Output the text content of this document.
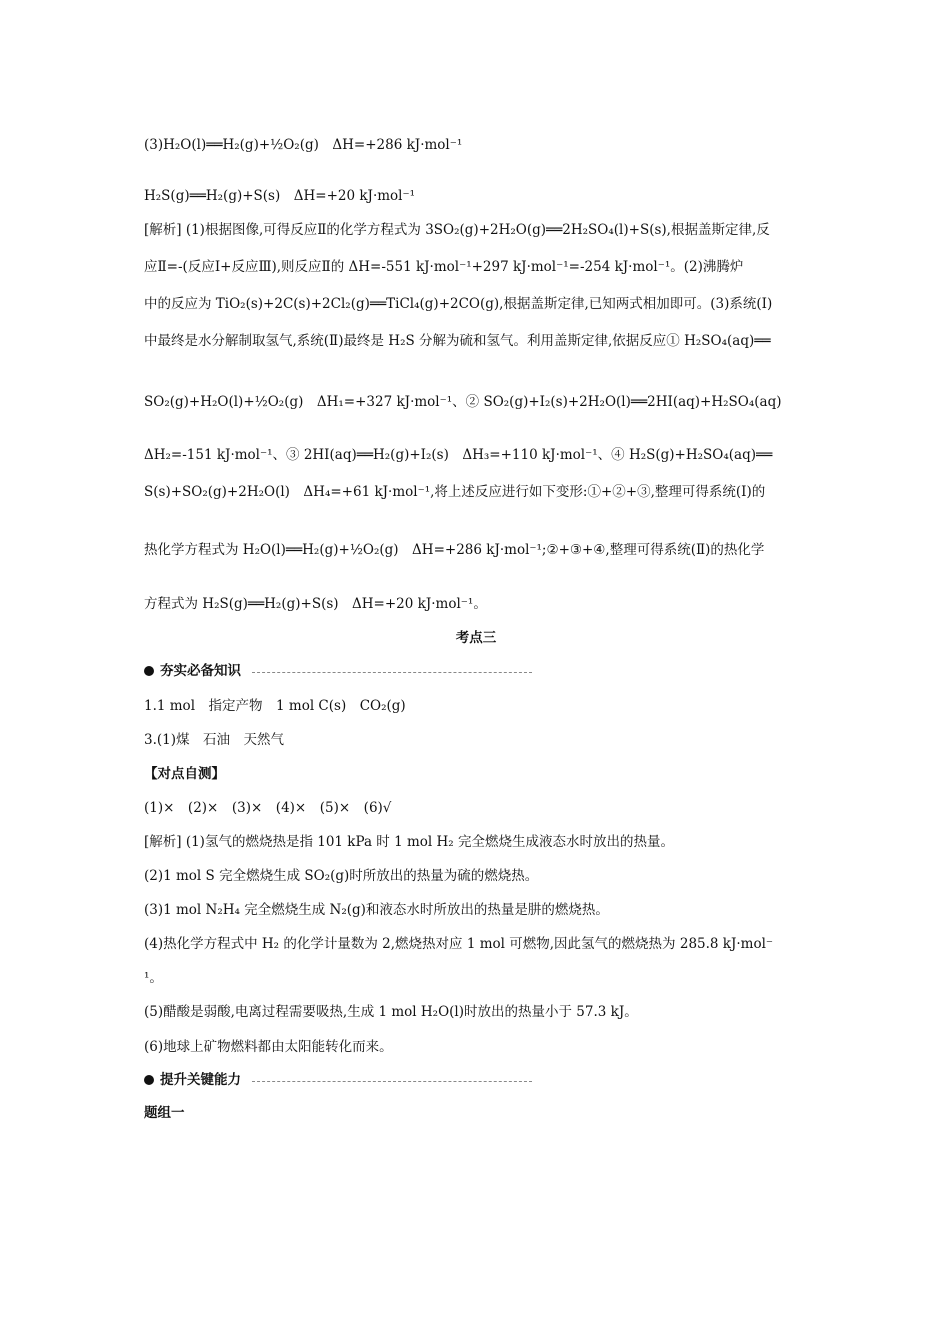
(3)H₂O(l)══H₂(g)+½O₂(g)　ΔH=+286 kJ·mol⁻¹
H₂S(g)══H₂(g)+S(s)　ΔH=+20 kJ·mol⁻¹
[解析] (1)根据图像,可得反应Ⅱ的化学方程式为 3SO₂(g)+2H₂O(g)══2H₂SO₄(l)+S(s),根据盖斯定律,反
应Ⅱ=-(反应Ⅰ+反应Ⅲ),则反应Ⅱ的 ΔH=-551 kJ·mol⁻¹+297 kJ·mol⁻¹=-254 kJ·mol⁻¹。(2)沸腾炉
中的反应为 TiO₂(s)+2C(s)+2Cl₂(g)══TiCl₄(g)+2CO(g),根据盖斯定律,已知两式相加即可。(3)系统(Ⅰ)
中最终是水分解制取氢气,系统(Ⅱ)最终是 H₂S 分解为硫和氢气。利用盖斯定律,依据反应① H₂SO₄(aq)══
SO₂(g)+H₂O(l)+½O₂(g)　ΔH₁=+327 kJ·mol⁻¹、② SO₂(g)+I₂(s)+2H₂O(l)══2HI(aq)+H₂SO₄(aq)
ΔH₂=-151 kJ·mol⁻¹、③ 2HI(aq)══H₂(g)+I₂(s)　ΔH₃=+110 kJ·mol⁻¹、④ H₂S(g)+H₂SO₄(aq)══
S(s)+SO₂(g)+2H₂O(l)　ΔH₄=+61 kJ·mol⁻¹,将上述反应进行如下变形:①+②+③,整理可得系统(Ⅰ)的
热化学方程式为 H₂O(l)══H₂(g)+½O₂(g)　ΔH=+286 kJ·mol⁻¹;②+③+④,整理可得系统(Ⅱ)的热化学
方程式为 H₂S(g)══H₂(g)+S(s)　ΔH=+20 kJ·mol⁻¹。
考点三
夯实必备知识
1.1 mol　指定产物　1 mol C(s)　CO₂(g)
3.(1)煤　石油　天然气
【对点自测】
(1)×　(2)×　(3)×　(4)×　(5)×　(6)√
[解析] (1)氢气的燃烧热是指 101 kPa 时 1 mol H₂ 完全燃烧生成液态水时放出的热量。
(2)1 mol S 完全燃烧生成 SO₂(g)时所放出的热量为硫的燃烧热。
(3)1 mol N₂H₄ 完全燃烧生成 N₂(g)和液态水时所放出的热量是肼的燃烧热。
(4)热化学方程式中 H₂ 的化学计量数为 2,燃烧热对应 1 mol 可燃物,因此氢气的燃烧热为 285.8 kJ·mol⁻
¹。
(5)醋酸是弱酸,电离过程需要吸热,生成 1 mol H₂O(l)时放出的热量小于 57.3 kJ。
(6)地球上矿物燃料都由太阳能转化而来。
提升关键能力
题组一
